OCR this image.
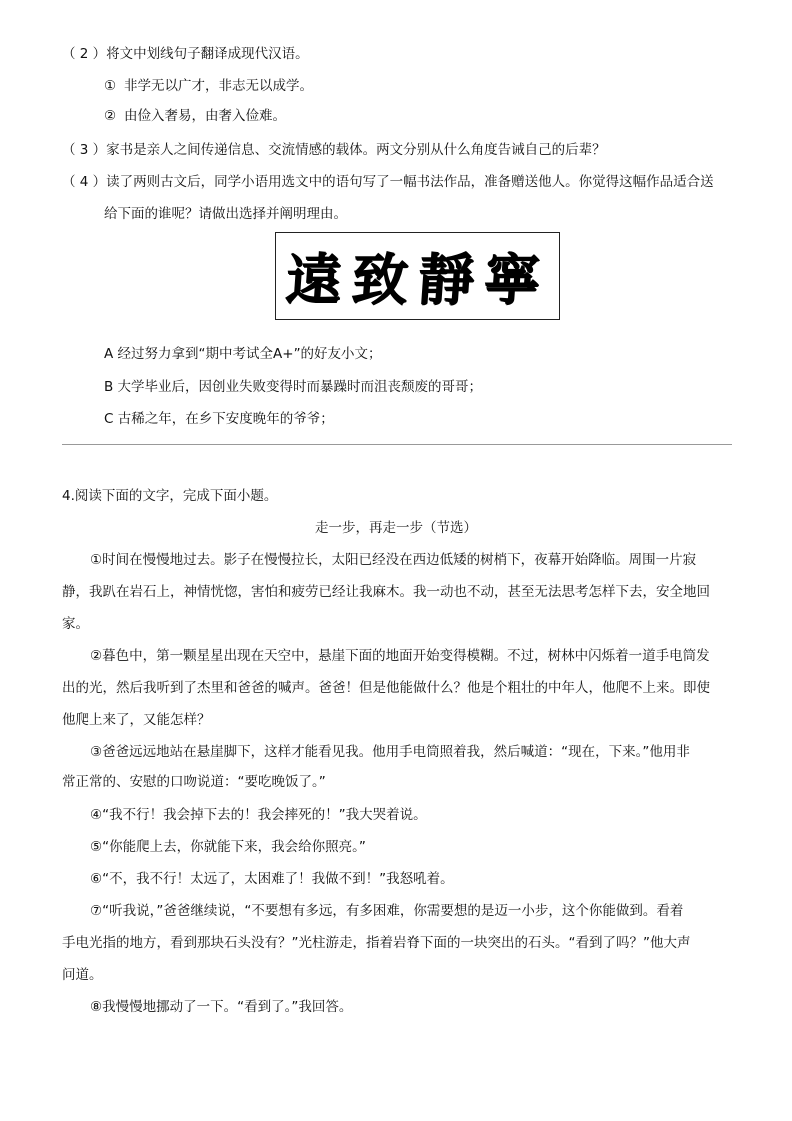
（ 2 ）将文中划线句子翻译成现代汉语。
① 非学无以广才，非志无以成学。
② 由俭入奢易，由奢入俭难。
（ 3 ）家书是亲人之间传递信息、交流情感的载体。两文分别从什么角度告诫自己的后辈？
（ 4 ）读了两则古文后，同学小语用选文中的语句写了一幅书法作品，准备赠送他人。你觉得这幅作品适合送
给下面的谁呢？请做出选择并阐明理由。
遠致靜寧
A 经过努力拿到“期中考试全A+”的好友小文；
B 大学毕业后，因创业失败变得时而暴躁时而沮丧颓废的哥哥；
C 古稀之年，在乡下安度晚年的爷爷；
4.阅读下面的文字，完成下面小题。
走一步，再走一步（节选）
①时间在慢慢地过去。影子在慢慢拉长，太阳已经没在西边低矮的树梢下，夜幕开始降临。周围一片寂
静，我趴在岩石上，神情恍惚，害怕和疲劳已经让我麻木。我一动也不动，甚至无法思考怎样下去，安全地回
家。
②暮色中，第一颗星星出现在天空中，悬崖下面的地面开始变得模糊。不过，树林中闪烁着一道手电筒发
出的光，然后我听到了杰里和爸爸的喊声。爸爸！但是他能做什么？他是个粗壮的中年人，他爬不上来。即使
他爬上来了，又能怎样？
③爸爸远远地站在悬崖脚下，这样才能看见我。他用手电筒照着我，然后喊道：“现在，下来。”他用非
常正常的、安慰的口吻说道：“要吃晚饭了。”
④“我不行！我会掉下去的！我会摔死的！”我大哭着说。
⑤“你能爬上去，你就能下来，我会给你照亮。”
⑥“不，我不行！太远了，太困难了！我做不到！”我怒吼着。
⑦“听我说，”爸爸继续说，“不要想有多远，有多困难，你需要想的是迈一小步，这个你能做到。看着
手电光指的地方，看到那块石头没有？”光柱游走，指着岩脊下面的一块突出的石头。“看到了吗？”他大声
问道。
⑧我慢慢地挪动了一下。“看到了。”我回答。
